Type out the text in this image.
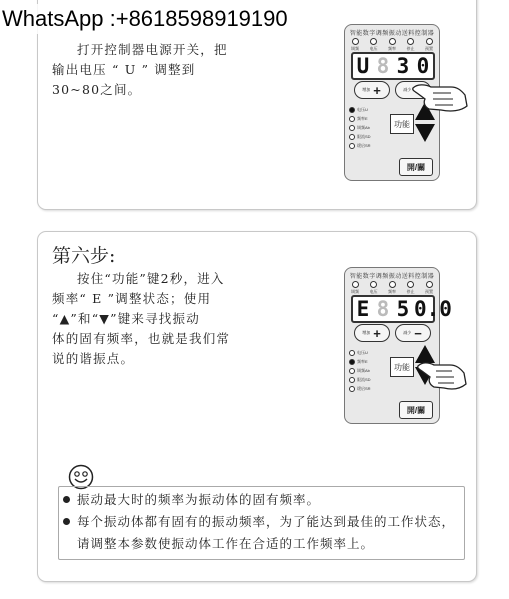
WhatsApp :+8618598919190

打开控制器电源开关，把

输出电压 “ U ” 调整到

30~80之间。

智能数字调频振动送料控制器
调频	电压	频率	停止	预置
U 8 3 0
增加 +	减少
电压U
频率E
调频Ab
限流SD
缓启SR
功能
開/關
第六步:

按住“功能”键2秒，进入

频率“ E ”调整状态；使用

“▲”和“▼”键来寻找振动

体的固有频率，也就是我们常

说的谐振点。

智能数字调频振动送料控制器
调频	电压	频率	停止	预置
E 8 5 0.0
增加 +	减少 −
电压U
频率E
调频Ab
限流SD
缓启SR
功能
開/關
振动最大时的频率为振动体的固有频率。
每个振动体都有固有的振动频率，为了能达到最佳的工作状态，
请调整本参数使振动体工作在合适的工作频率上。
